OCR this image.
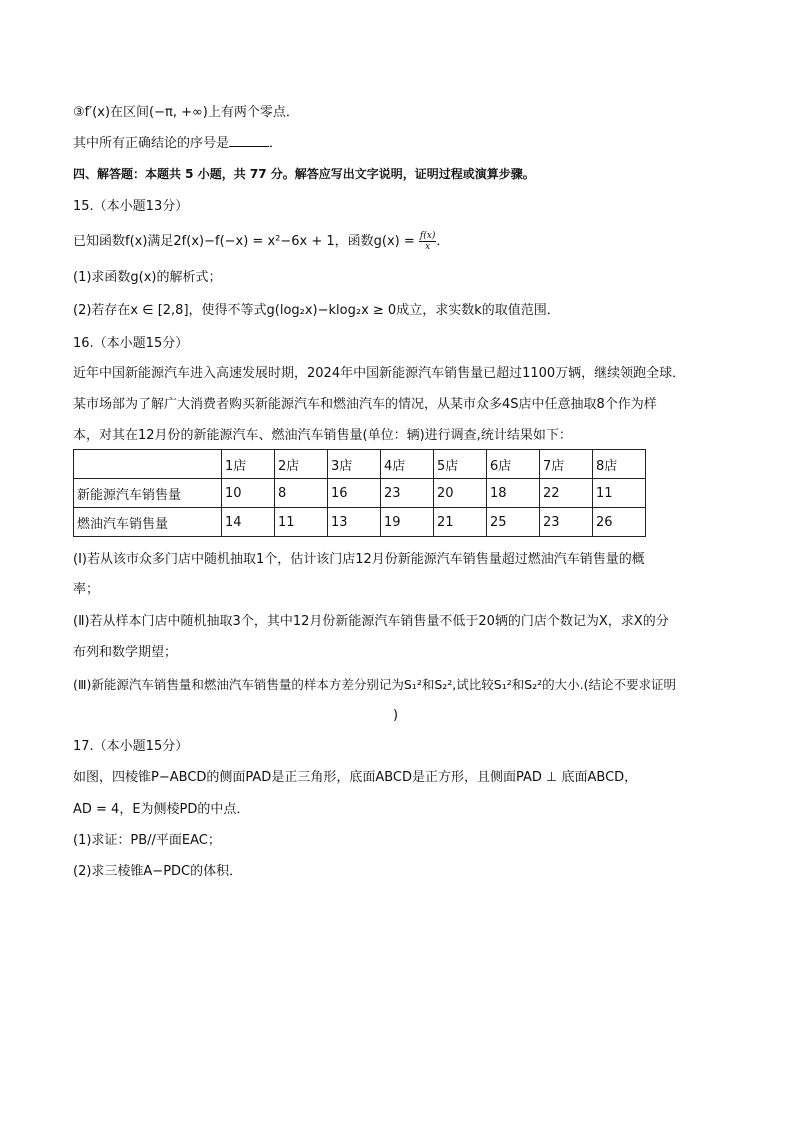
③f′(x)在区间(−π, +∞)上有两个零点．
其中所有正确结论的序号是	．
四、解答题：本题共 5 小题，共 77 分。解答应写出文字说明，证明过程或演算步骤。
15.（本小题13分）
已知函数f(x)满足2f(x)−f(−x) = x²−6x + 1，函数$g(x) = \frac{f(x)}{x}$ ．
(1)求函数g(x)的解析式；
(2)若存在x ∈ [2,8]，使得不等式g(log₂x)−klog₂x ≥ 0成立，求实数k的取值范围．
16.（本小题15分）
近年中国新能源汽车进入高速发展时期，2024年中国新能源汽车销售量已超过1100万辆，继续领跑全球．
某市场部为了解广大消费者购买新能源汽车和燃油汽车的情况，从某市众多4S店中任意抽取8个作为样
本，对其在12月份的新能源汽车、燃油汽车销售量(单位：辆)进行调查,统计结果如下：
	1店	2店	3店	4店	5店	6店	7店	8店
新能源汽车销售量	10	8	16	23	20	18	22	11
燃油汽车销售量	14	11	13	19	21	25	23	26
(Ⅰ)若从该市众多门店中随机抽取1个，估计该门店12月份新能源汽车销售量超过燃油汽车销售量的概
率；
(Ⅱ)若从样本门店中随机抽取3个，其中12月份新能源汽车销售量不低于20辆的门店个数记为X，求X的分
布列和数学期望；
(Ⅲ)新能源汽车销售量和燃油汽车销售量的样本方差分别记为S₁²和S₂²,试比较S₁²和S₂²的大小.(结论不要求证明
)
17.（本小题15分）
如图，四棱锥P−ABCD的侧面PAD是正三角形，底面ABCD是正方形，且侧面PAD ⊥ 底面ABCD，
AD = 4，E为侧棱PD的中点．
(1)求证：PB//平面EAC；
(2)求三棱锥A−PDC的体积．
